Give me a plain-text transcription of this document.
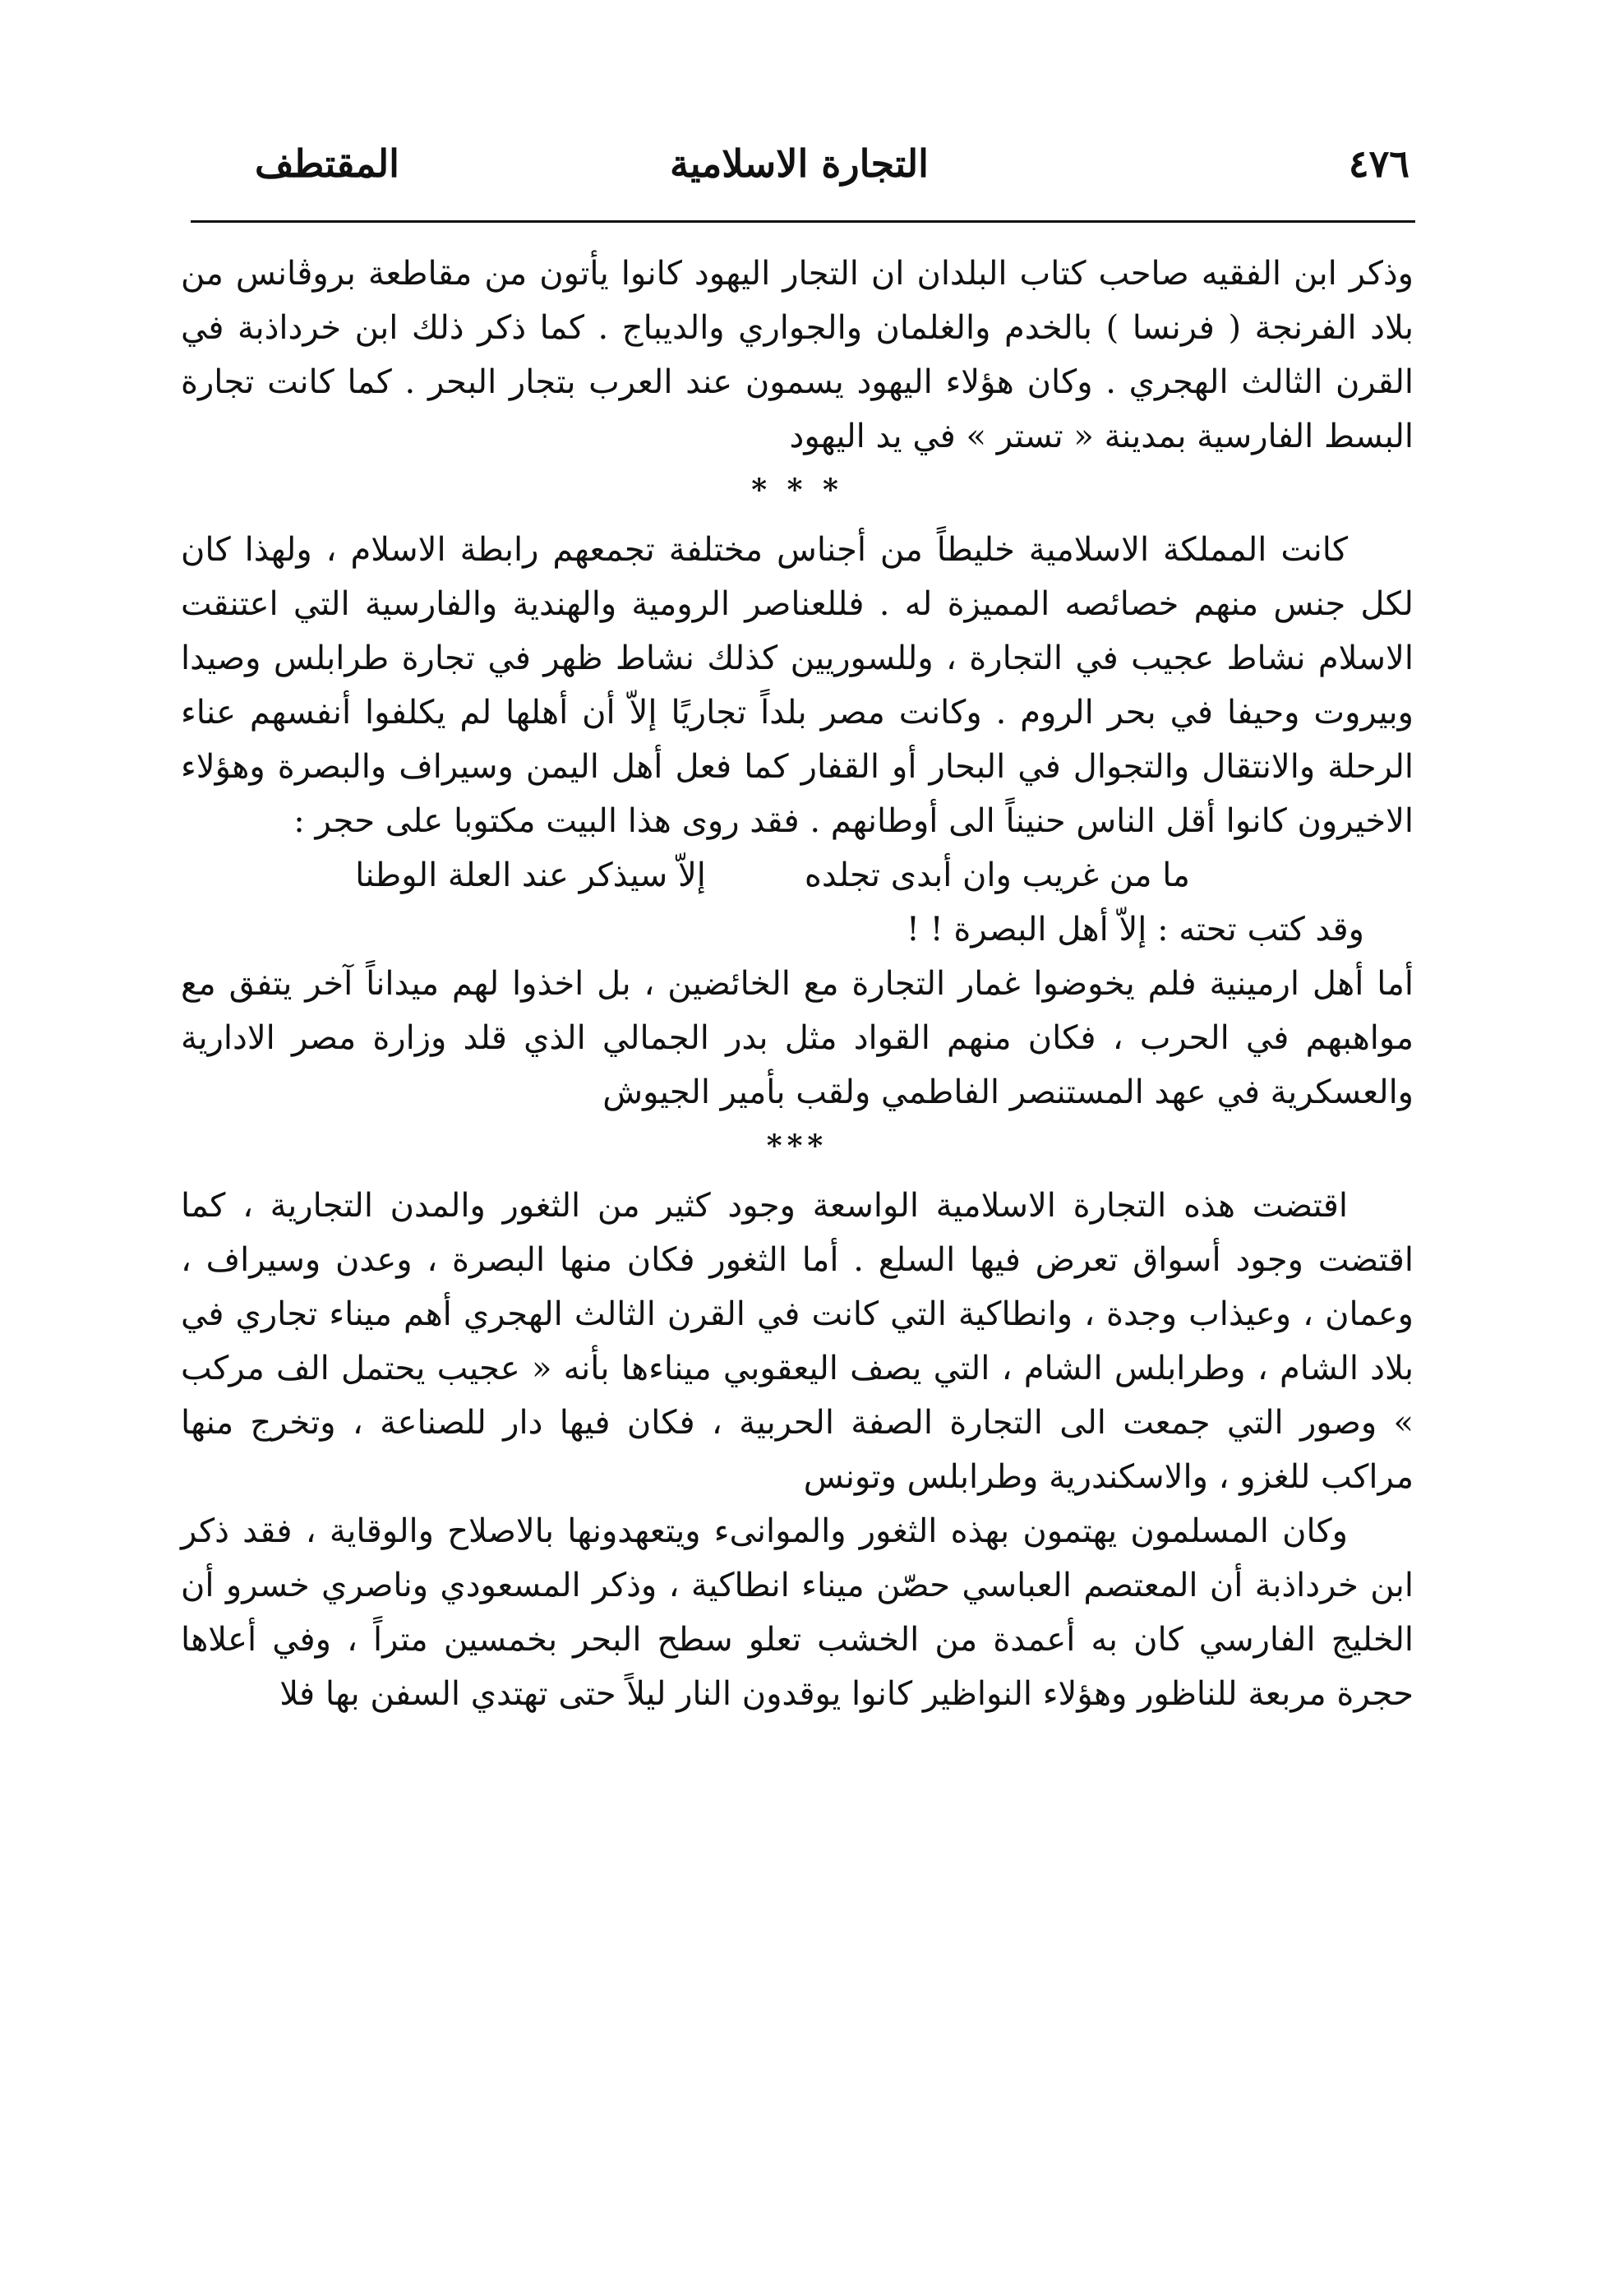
٤٧٦
التجارة الاسلامية
المقتطف

وذكر ابن الفقيه صاحب كتاب البلدان ان التجار اليهود كانوا يأتون من مقاطعة بروڤانس من بلاد الفرنجة ( فرنسا ) بالخدم والغلمان والجواري والديباج . كما ذكر ذلك ابن خرداذبة في القرن الثالث الهجري . وكان هؤلاء اليهود يسمون عند العرب بتجار البحر . كما كانت تجارة البسط الفارسية بمدينة « تستر » في يد اليهود

* * *

كانت المملكة الاسلامية خليطاً من أجناس مختلفة تجمعهم رابطة الاسلام ، ولهذا كان لكل جنس منهم خصائصه المميزة له . فللعناصر الرومية والهندية والفارسية التي اعتنقت الاسلام نشاط عجيب في التجارة ، وللسوريين كذلك نشاط ظهر في تجارة طرابلس وصيدا وبيروت وحيفا في بحر الروم . وكانت مصر بلداً تجاريًا إلاّ أن أهلها لم يكلفوا أنفسهم عناء الرحلة والانتقال والتجوال في البحار أو القفار كما فعل أهل اليمن وسيراف والبصرة وهؤلاء الاخيرون كانوا أقل الناس حنيناً الى أوطانهم . فقد روى هذا البيت مكتوبا على حجر :

ما من غريب وان أبدى تجلده
إلاّ سيذكر عند العلة الوطنا
وقد كتب تحته : إلاّ أهل البصرة ! !

أما أهل ارمينية فلم يخوضوا غمار التجارة مع الخائضين ، بل اخذوا لهم ميداناً آخر يتفق مع مواهبهم في الحرب ، فكان منهم القواد مثل بدر الجمالي الذي قلد وزارة مصر الادارية والعسكرية في عهد المستنصر الفاطمي ولقب بأمير الجيوش

***

اقتضت هذه التجارة الاسلامية الواسعة وجود كثير من الثغور والمدن التجارية ، كما اقتضت وجود أسواق تعرض فيها السلع . أما الثغور فكان منها البصرة ، وعدن وسيراف ، وعمان ، وعيذاب وجدة ، وانطاكية التي كانت في القرن الثالث الهجري أهم ميناء تجاري في بلاد الشام ، وطرابلس الشام ، التي يصف اليعقوبي ميناءها بأنه « عجيب يحتمل الف مركب » وصور التي جمعت الى التجارة الصفة الحربية ، فكان فيها دار للصناعة ، وتخرج منها مراكب للغزو ، والاسكندرية وطرابلس وتونس

وكان المسلمون يهتمون بهذه الثغور والموانىء ويتعهدونها بالاصلاح والوقاية ، فقد ذكر ابن خرداذبة أن المعتصم العباسي حصّن ميناء انطاكية ، وذكر المسعودي وناصري خسرو أن الخليج الفارسي كان به أعمدة من الخشب تعلو سطح البحر بخمسين متراً ، وفي أعلاها حجرة مربعة للناظور وهؤلاء النواظير كانوا يوقدون النار ليلاً حتى تهتدي السفن بها فلا
